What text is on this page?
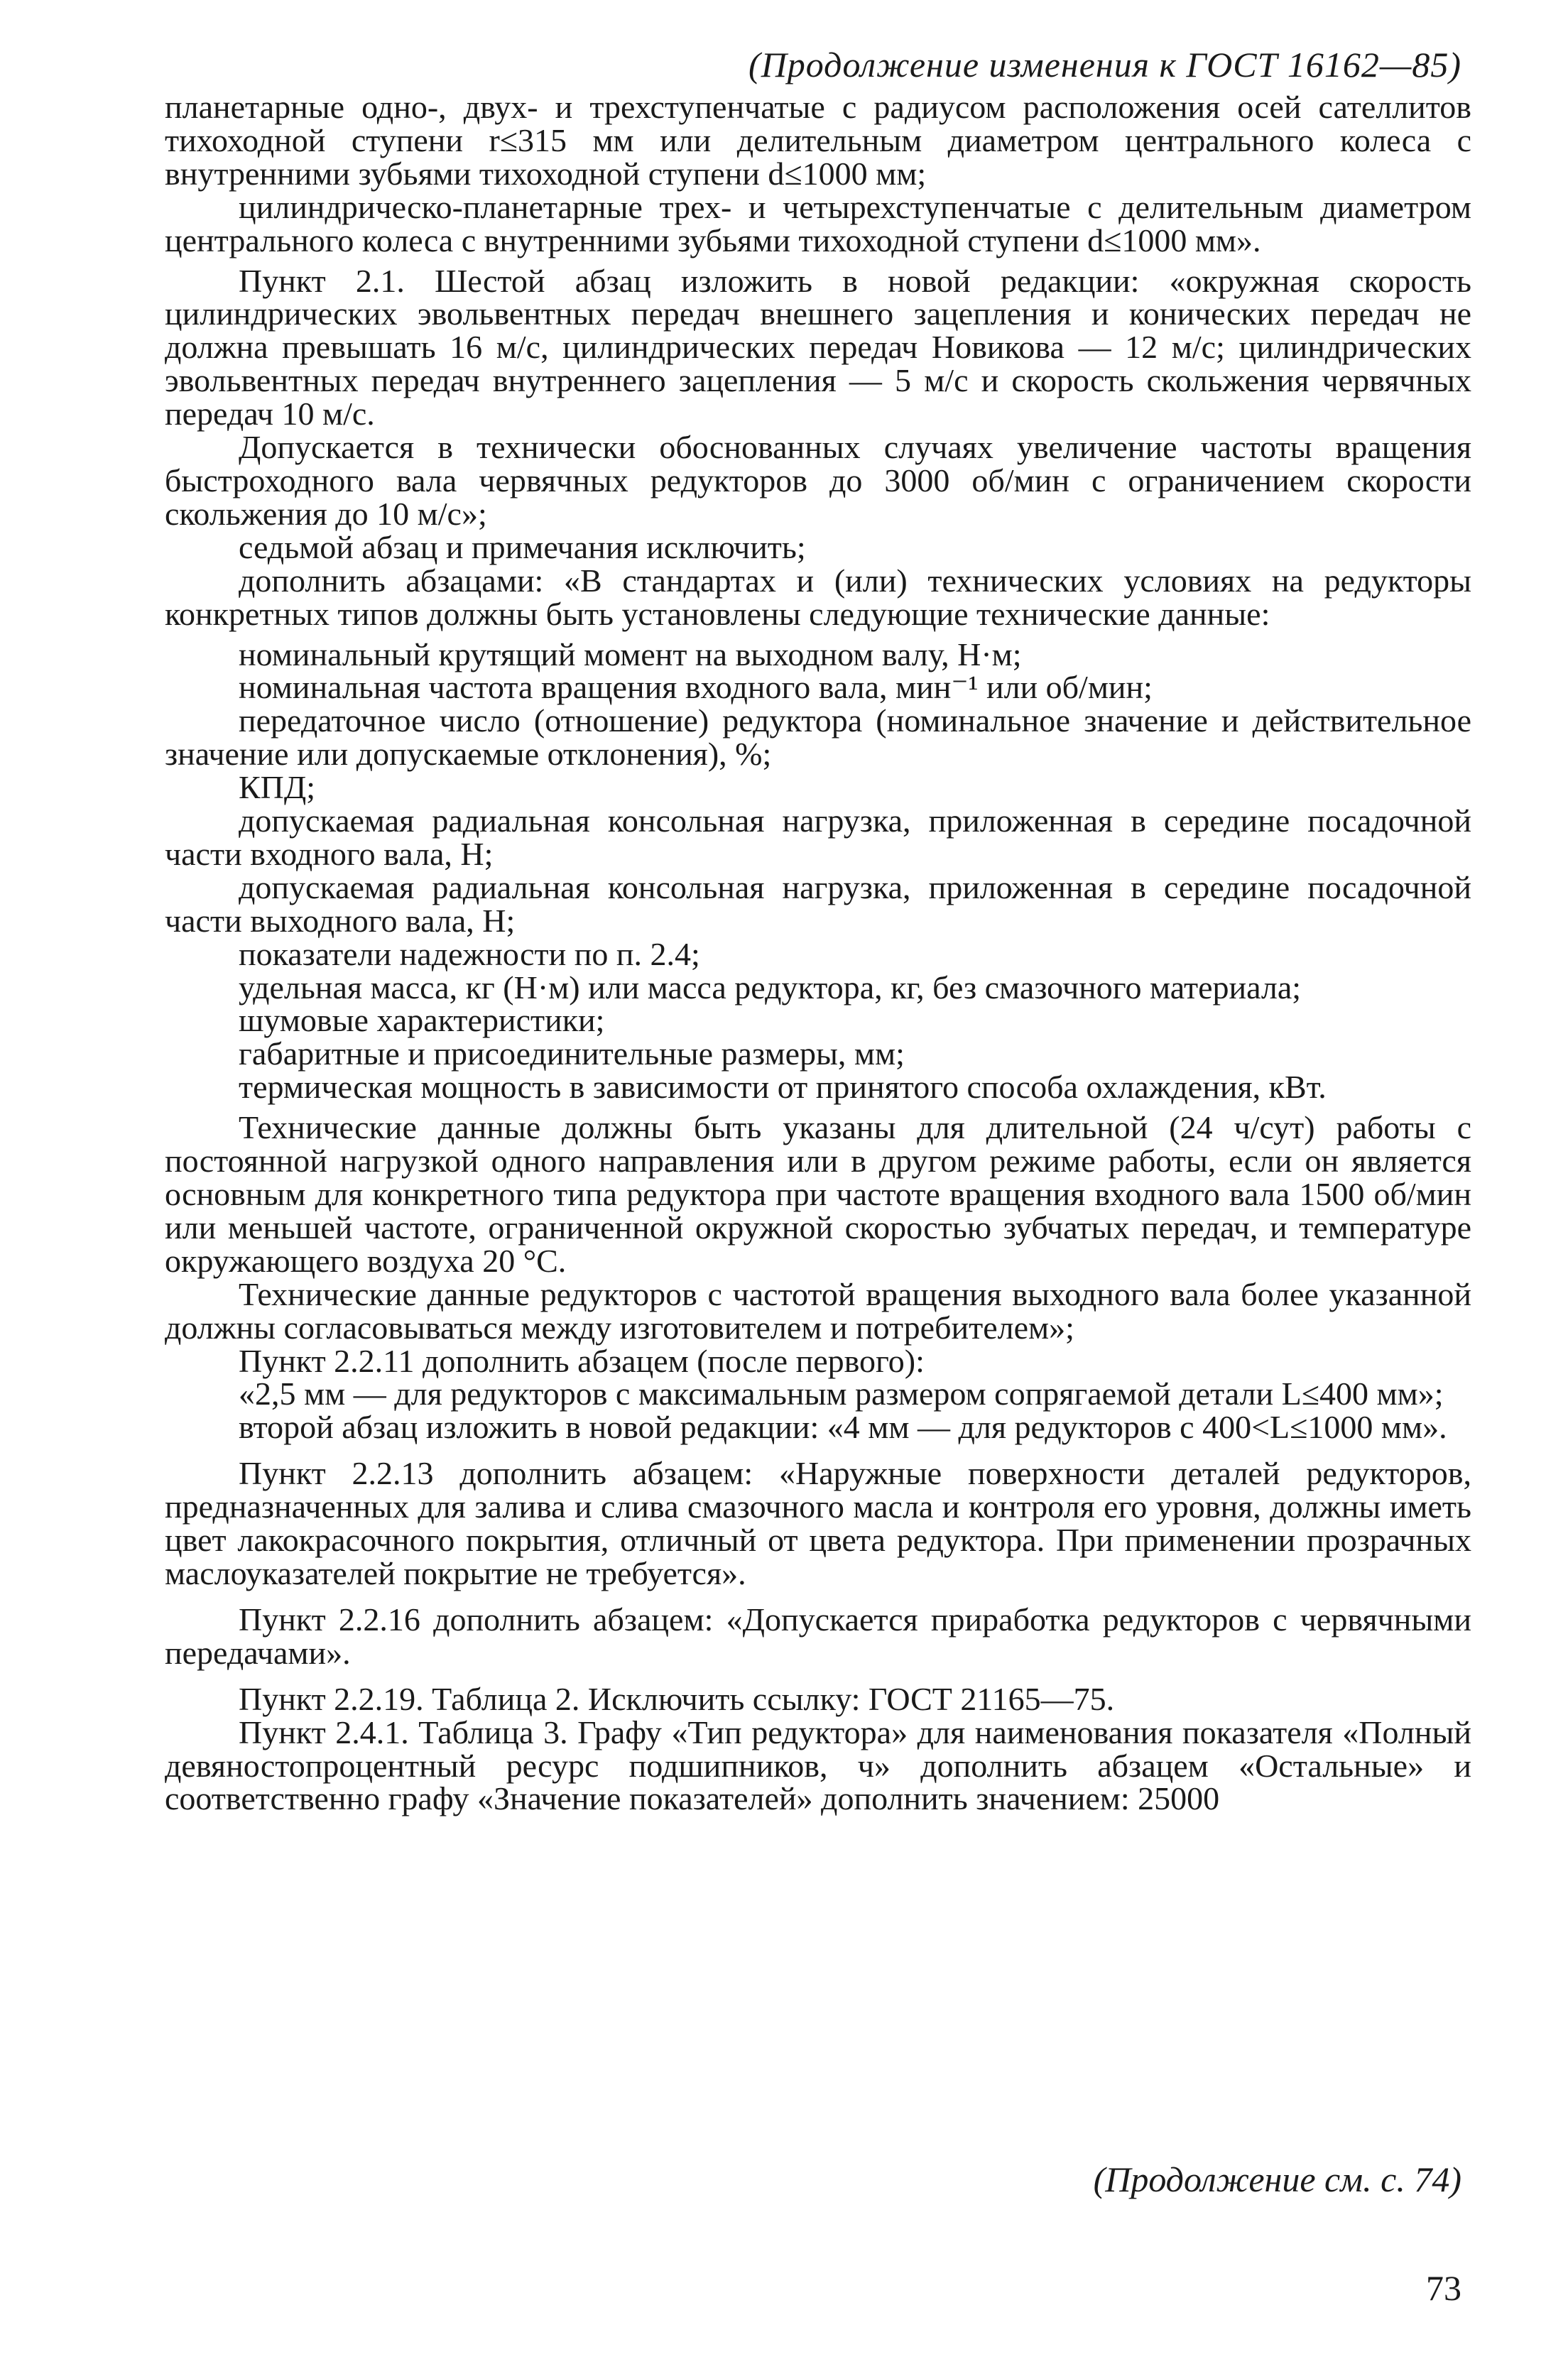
(Продолжение изменения к ГОСТ 16162—85)

планетарные одно-, двух- и трехступенчатые с радиусом расположения осей сателлитов тихоходной ступени r≤315 мм или делительным диаметром центрального колеса с внутренними зубьями тихоходной ступени d≤1000 мм;

цилиндрическо-планетарные трех- и четырехступенчатые с делительным диаметром центрального колеса с внутренними зубьями тихоходной ступени d≤1000 мм».

Пункт 2.1. Шестой абзац изложить в новой редакции: «окружная скорость цилиндрических эвольвентных передач внешнего зацепления и конических передач не должна превышать 16 м/с, цилиндрических передач Новикова — 12 м/с; цилиндрических эвольвентных передач внутреннего зацепления — 5 м/с и скорость скольжения червячных передач 10 м/с.

Допускается в технически обоснованных случаях увеличение частоты вращения быстроходного вала червячных редукторов до 3000 об/мин с ограничением скорости скольжения до 10 м/с»;

седьмой абзац и примечания исключить;

дополнить абзацами: «В стандартах и (или) технических условиях на редукторы конкретных типов должны быть установлены следующие технические данные:

номинальный крутящий момент на выходном валу, Н·м;

номинальная частота вращения входного вала, мин⁻¹ или об/мин;

передаточное число (отношение) редуктора (номинальное значение и действительное значение или допускаемые отклонения), %;

КПД;

допускаемая радиальная консольная нагрузка, приложенная в середине посадочной части входного вала, Н;

допускаемая радиальная консольная нагрузка, приложенная в середине посадочной части выходного вала, Н;

показатели надежности по п. 2.4;

удельная масса, кг (Н·м) или масса редуктора, кг, без смазочного материала;

шумовые характеристики;

габаритные и присоединительные размеры, мм;

термическая мощность в зависимости от принятого способа охлаждения, кВт.

Технические данные должны быть указаны для длительной (24 ч/сут) работы с постоянной нагрузкой одного направления или в другом режиме работы, если он является основным для конкретного типа редуктора при частоте вращения входного вала 1500 об/мин или меньшей частоте, ограниченной окружной скоростью зубчатых передач, и температуре окружающего воздуха 20 °С.

Технические данные редукторов с частотой вращения выходного вала более указанной должны согласовываться между изготовителем и потребителем»;

Пункт 2.2.11 дополнить абзацем (после первого):

«2,5 мм — для редукторов с максимальным размером сопрягаемой детали L≤400 мм»;

второй абзац изложить в новой редакции: «4 мм — для редукторов с 400<L≤1000 мм».

Пункт 2.2.13 дополнить абзацем: «Наружные поверхности деталей редукторов, предназначенных для залива и слива смазочного масла и контроля его уровня, должны иметь цвет лакокрасочного покрытия, отличный от цвета редуктора. При применении прозрачных маслоуказателей покрытие не требуется».

Пункт 2.2.16 дополнить абзацем: «Допускается приработка редукторов с червячными передачами».

Пункт 2.2.19. Таблица 2. Исключить ссылку: ГОСТ 21165—75.

Пункт 2.4.1. Таблица 3. Графу «Тип редуктора» для наименования показателя «Полный девяностопроцентный ресурс подшипников, ч» дополнить абзацем «Остальные» и соответственно графу «Значение показателей» дополнить значением: 25000

(Продолжение см. с. 74)
73
